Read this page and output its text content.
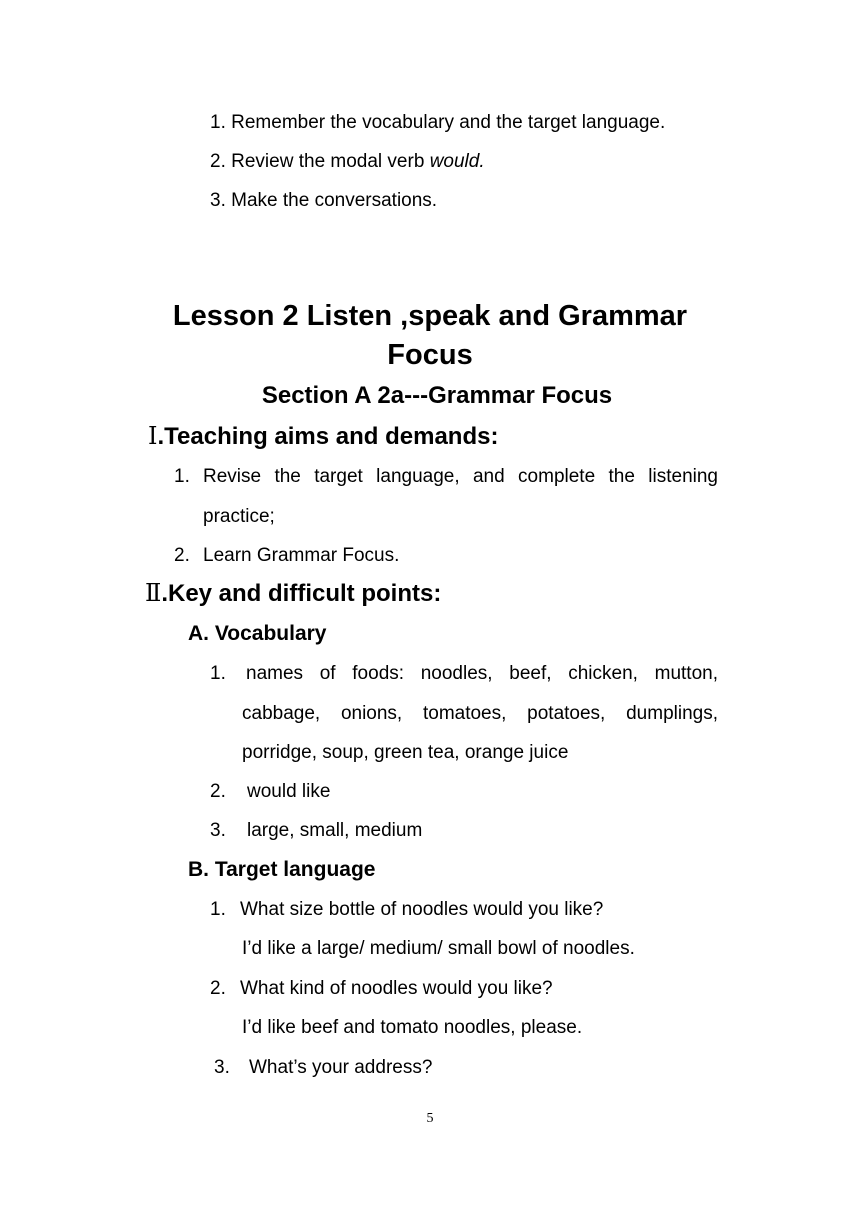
1. Remember the vocabulary and the target language.
2. Review the modal verb would.
3. Make the conversations.
Lesson 2 Listen ,speak and Grammar
Focus
Section A 2a---Grammar Focus
Ⅰ.Teaching aims and demands:
1. Revise the target language, and complete the listening
practice;
2. Learn Grammar Focus.
Ⅱ.Key and difficult points:
A. Vocabulary
1. names of foods: noodles, beef, chicken, mutton,
cabbage, onions, tomatoes, potatoes, dumplings,
porridge, soup, green tea, orange juice
2. would like
3. large, small, medium
B. Target language
1. What size bottle of noodles would you like?
I’d like a large/ medium/ small bowl of noodles.
2. What kind of noodles would you like?
I’d like beef and tomato noodles, please.
3. What’s your address?
5
